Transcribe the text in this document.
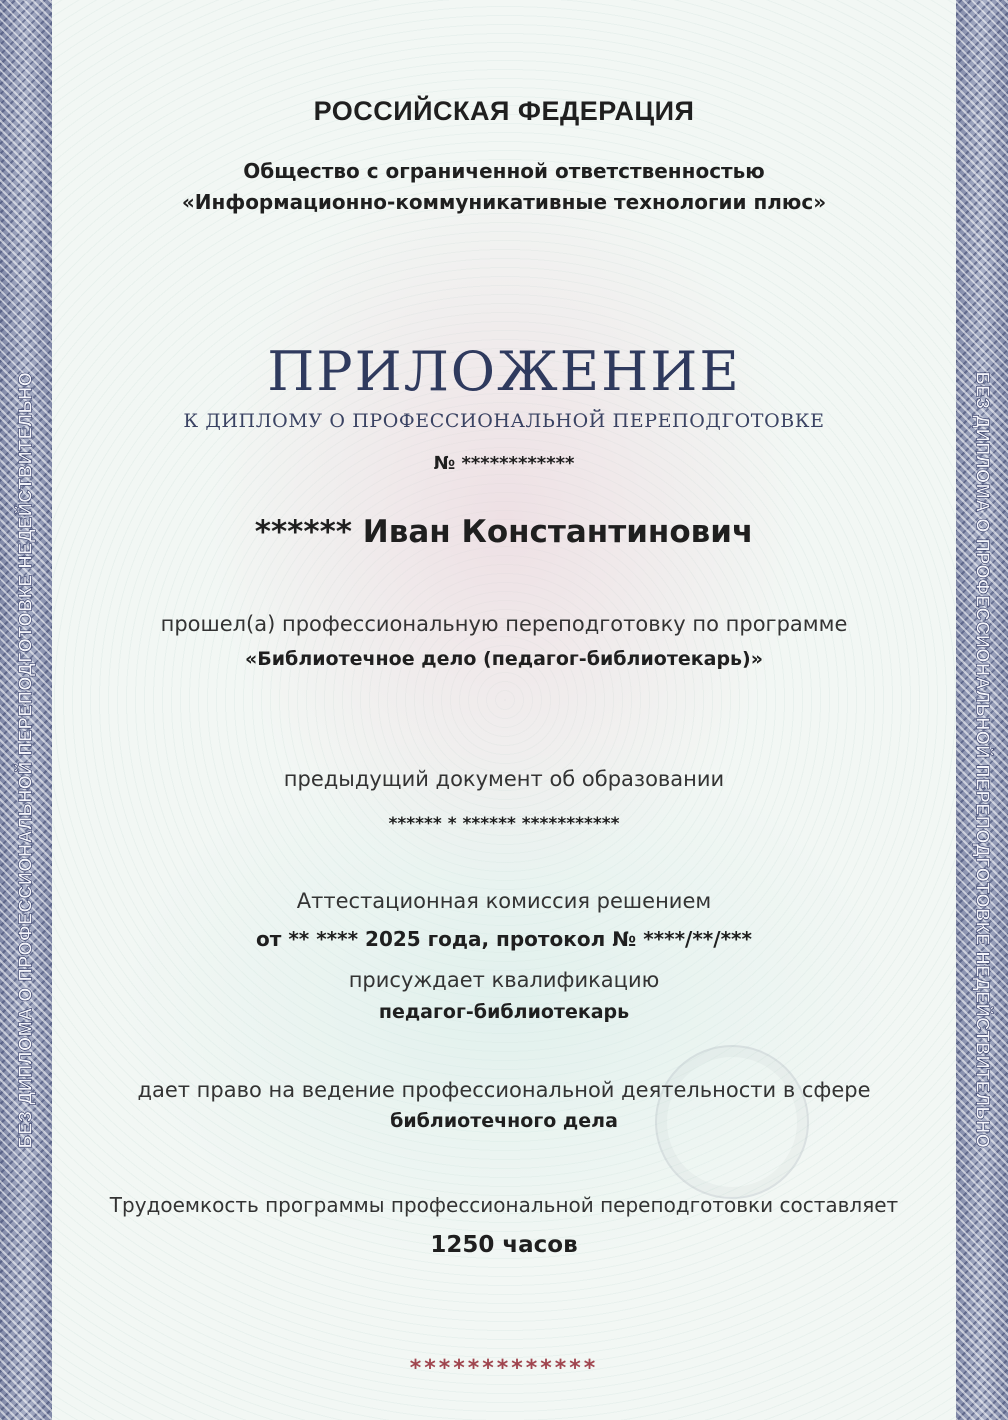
БЕЗ ДИПЛОМА О ПРОФЕССИОНАЛЬНОЙ ПЕРЕПОДГОТОВКЕ НЕДЕЙСТВИТЕЛЬНО	БЕЗ ДИПЛОМА О ПРОФЕССИОНАЛЬНОЙ ПЕРЕПОДГОТОВКЕ НЕДЕЙСТВИТЕЛЬНО
РОССИЙСКАЯ ФЕДЕРАЦИЯ
Общество с ограниченной ответственностью
«Информационно-коммуникативные технологии плюс»
ПРИЛОЖЕНИЕ
К ДИПЛОМУ О ПРОФЕССИОНАЛЬНОЙ ПЕРЕПОДГОТОВКЕ
№ ************
****** Иван Константинович
прошел(а) профессиональную переподготовку по программе
«Библиотечное дело (педагог-библиотекарь)»
предыдущий документ об образовании
****** * ****** ***********
Аттестационная комиссия решением
от ** **** 2025 года, протокол № ****/**/***
присуждает квалификацию
педагог-библиотекарь
дает право на ведение профессиональной деятельности в сфере
библиотечного дела
Трудоемкость программы профессиональной переподготовки составляет
1250 часов
*************
